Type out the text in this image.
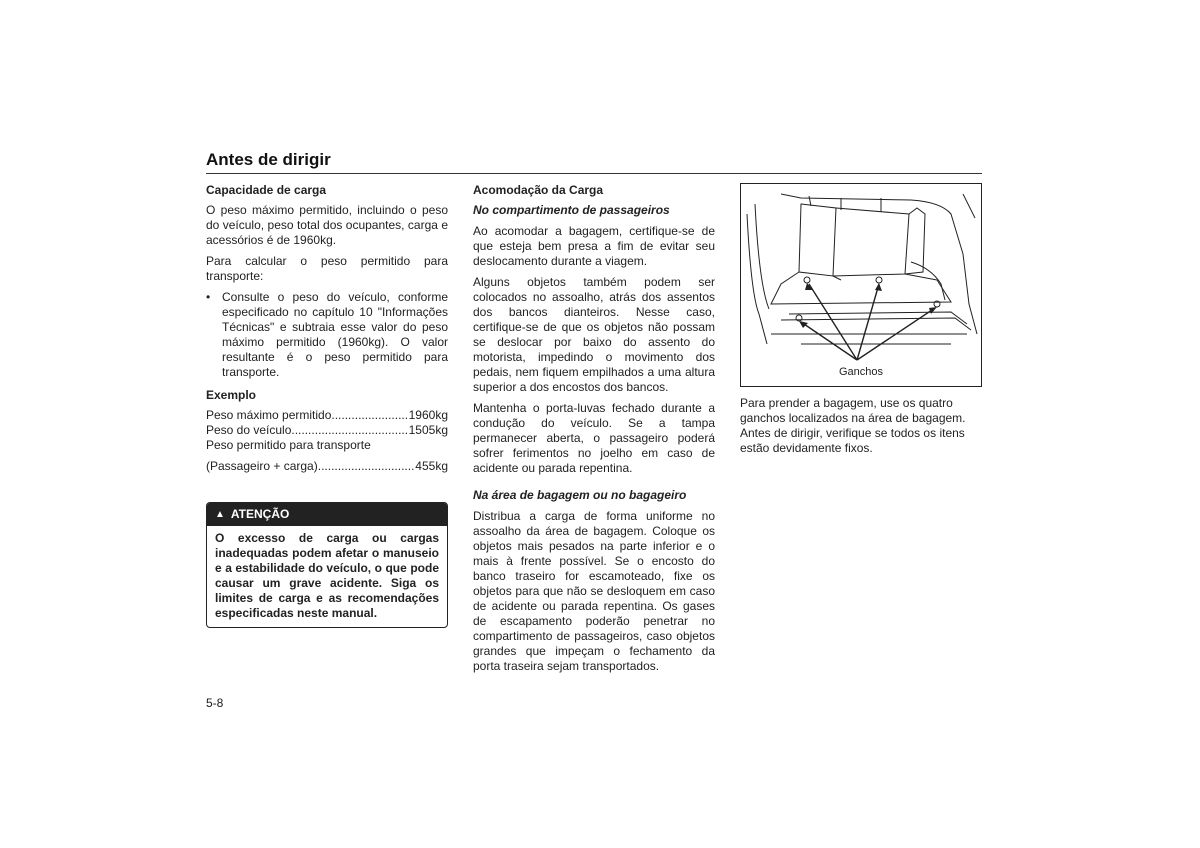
Antes de dirigir
Capacidade de carga

O peso máximo permitido, incluindo o peso do veículo, peso total dos ocupantes, carga e acessórios é de 1960kg.

Para calcular o peso permitido para transporte:

• Consulte o peso do veículo, conforme especificado no capítulo 10 "Informações Técnicas" e subtraia esse valor do peso máximo permitido (1960kg). O valor resultante é o peso permitido para transporte.
Exemplo
Peso máximo permitido .....	1960kg
Peso do veículo .....	1505kg
Peso permitido para transporte
(Passageiro + carga) .....	455kg
▲ ATENÇÃO
O excesso de carga ou cargas inadequadas podem afetar o manuseio e a estabilidade do veículo, o que pode causar um grave acidente. Siga os limites de carga e as recomendações especificadas neste manual.
Acomodação da Carga
No compartimento de passageiros

Ao acomodar a bagagem, certifique-se de que esteja bem presa a fim de evitar seu deslocamento durante a viagem.

Alguns objetos também podem ser colocados no assoalho, atrás dos assentos dos bancos dianteiros. Nesse caso, certifique-se de que os objetos não possam se deslocar por baixo do assento do motorista, impedindo o movimento dos pedais, nem fiquem empilhados a uma altura superior a dos encostos dos bancos.

Mantenha o porta-luvas fechado durante a condução do veículo. Se a tampa permanecer aberta, o passageiro poderá sofrer ferimentos no joelho em caso de acidente ou parada repentina.

Na área de bagagem ou no bagageiro

Distribua a carga de forma uniforme no assoalho da área de bagagem. Coloque os objetos mais pesados na parte inferior e o mais à frente possível. Se o encosto do banco traseiro for escamoteado, fixe os objetos para que não se desloquem em caso de acidente ou parada repentina. Os gases de escapamento poderão penetrar no compartimento de passageiros, caso objetos grandes que impeçam o fechamento da porta traseira sejam transportados.

Ganchos

Para prender a bagagem, use os quatro ganchos localizados na área de bagagem. Antes de dirigir, verifique se todos os itens estão devidamente fixos.

5-8
